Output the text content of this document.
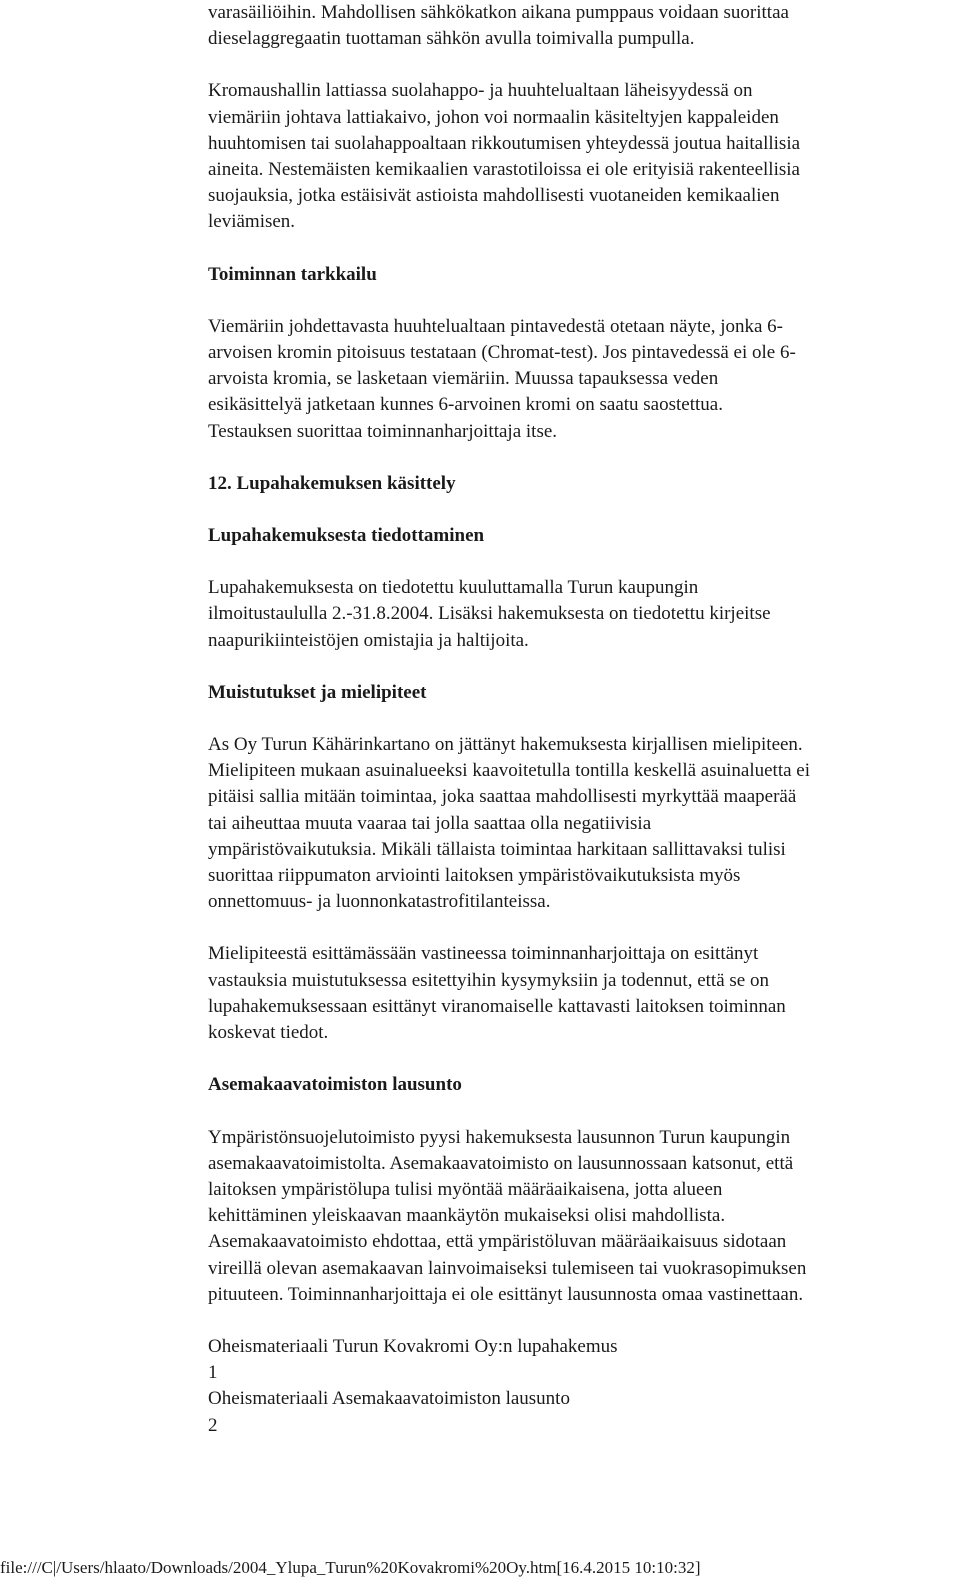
varasäiliöihin. Mahdollisen sähkökatkon aikana pumppaus voidaan suorittaa
dieselaggregaatin tuottaman sähkön avulla toimivalla pumpulla.
Kromaushallin lattiassa suolahappo- ja huuhtelualtaan läheisyydessä on
viemäriin johtava lattiakaivo, johon voi normaalin käsiteltyjen kappaleiden
huuhtomisen tai suolahappoaltaan rikkoutumisen yhteydessä joutua haitallisia
aineita. Nestemäisten kemikaalien varastotiloissa ei ole erityisiä rakenteellisia
suojauksia, jotka estäisivät astioista mahdollisesti vuotaneiden kemikaalien
leviämisen.
Toiminnan tarkkailu
Viemäriin johdettavasta huuhtelualtaan pintavedestä otetaan näyte, jonka 6-
arvoisen kromin pitoisuus testataan (Chromat-test). Jos pintavedessä ei ole 6-
arvoista kromia, se lasketaan viemäriin. Muussa tapauksessa veden
esikäsittelyä jatketaan kunnes 6-arvoinen kromi on saatu saostettua.
Testauksen suorittaa toiminnanharjoittaja itse.
12. Lupahakemuksen käsittely
Lupahakemuksesta tiedottaminen
Lupahakemuksesta on tiedotettu kuuluttamalla Turun kaupungin
ilmoitustaululla 2.-31.8.2004. Lisäksi hakemuksesta on tiedotettu kirjeitse
naapurikiinteistöjen omistajia ja haltijoita.
Muistutukset ja mielipiteet
As Oy Turun Kähärinkartano on jättänyt hakemuksesta kirjallisen mielipiteen.
Mielipiteen mukaan asuinalueeksi kaavoitetulla tontilla keskellä asuinaluetta ei
pitäisi sallia mitään toimintaa, joka saattaa mahdollisesti myrkyttää maaperää
tai aiheuttaa muuta vaaraa tai jolla saattaa olla negatiivisia
ympäristövaikutuksia. Mikäli tällaista toimintaa harkitaan sallittavaksi tulisi
suorittaa riippumaton arviointi laitoksen ympäristövaikutuksista myös
onnettomuus- ja luonnonkatastrofitilanteissa.
Mielipiteestä esittämässään vastineessa toiminnanharjoittaja on esittänyt
vastauksia muistutuksessa esitettyihin kysymyksiin ja todennut, että se on
lupahakemuksessaan esittänyt viranomaiselle kattavasti laitoksen toiminnan
koskevat tiedot.
Asemakaavatoimiston lausunto
Ympäristönsuojelutoimisto pyysi hakemuksesta lausunnon Turun kaupungin
asemakaavatoimistolta. Asemakaavatoimisto on lausunnossaan katsonut, että
laitoksen ympäristölupa tulisi myöntää määräaikaisena, jotta alueen
kehittäminen yleiskaavan maankäytön mukaiseksi olisi mahdollista.
Asemakaavatoimisto ehdottaa, että ympäristöluvan määräaikaisuus sidotaan
vireillä olevan asemakaavan lainvoimaiseksi tulemiseen tai vuokrasopimuksen
pituuteen. Toiminnanharjoittaja ei ole esittänyt lausunnosta omaa vastinettaan.
Oheismateriaali Turun Kovakromi Oy:n lupahakemus
1
Oheismateriaali Asemakaavatoimiston lausunto
2
file:///C|/Users/hlaato/Downloads/2004_Ylupa_Turun%20Kovakromi%20Oy.htm[16.4.2015 10:10:32]
